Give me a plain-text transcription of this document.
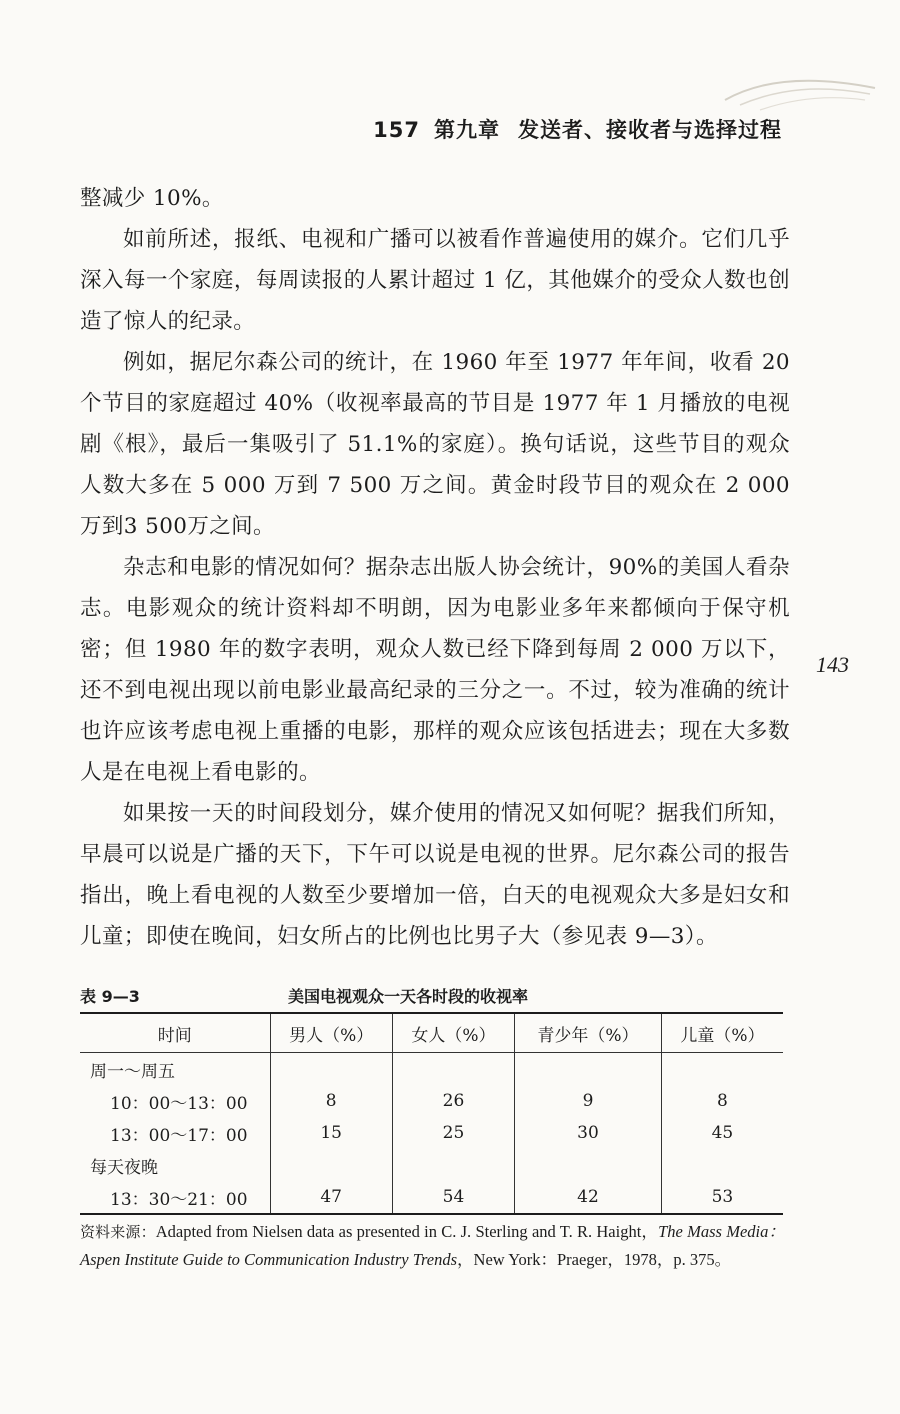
157 第九章 发送者、接收者与选择过程

整减少 10%。

如前所述，报纸、电视和广播可以被看作普遍使用的媒介。它们几乎深入每一个家庭，每周读报的人累计超过 1 亿，其他媒介的受众人数也创造了惊人的纪录。

例如，据尼尔森公司的统计，在 1960 年至 1977 年年间，收看 20 个节目的家庭超过 40%（收视率最高的节目是 1977 年 1 月播放的电视剧《根》，最后一集吸引了 51.1%的家庭）。换句话说，这些节目的观众人数大多在 5 000 万到 7 500 万之间。黄金时段节目的观众在 2 000 万到3 500万之间。

杂志和电影的情况如何？据杂志出版人协会统计，90%的美国人看杂志。电影观众的统计资料却不明朗，因为电影业多年来都倾向于保守机密；但 1980 年的数字表明，观众人数已经下降到每周 2 000 万以下，还不到电视出现以前电影业最高纪录的三分之一。不过，较为准确的统计也许应该考虑电视上重播的电影，那样的观众应该包括进去；现在大多数人是在电视上看电影的。

如果按一天的时间段划分，媒介使用的情况又如何呢？据我们所知，早晨可以说是广播的天下，下午可以说是电视的世界。尼尔森公司的报告指出，晚上看电视的人数至少要增加一倍，白天的电视观众大多是妇女和儿童；即使在晚间，妇女所占的比例也比男子大（参见表 9—3）。

143
表 9—3	美国电视观众一天各时段的收视率
时间	男人（%）	女人（%）	青少年（%）	儿童（%）
周一～周五				
10：00～13：00	8	26	9	8
13：00～17：00	15	25	30	45
每天夜晚				
13：30～21：00	47	54	42	53
资料来源：Adapted from Nielsen data as presented in C. J. Sterling and T. R. Haight，The Mass Media：Aspen Institute Guide to Communication Industry Trends，New York：Praeger，1978，p. 375。
